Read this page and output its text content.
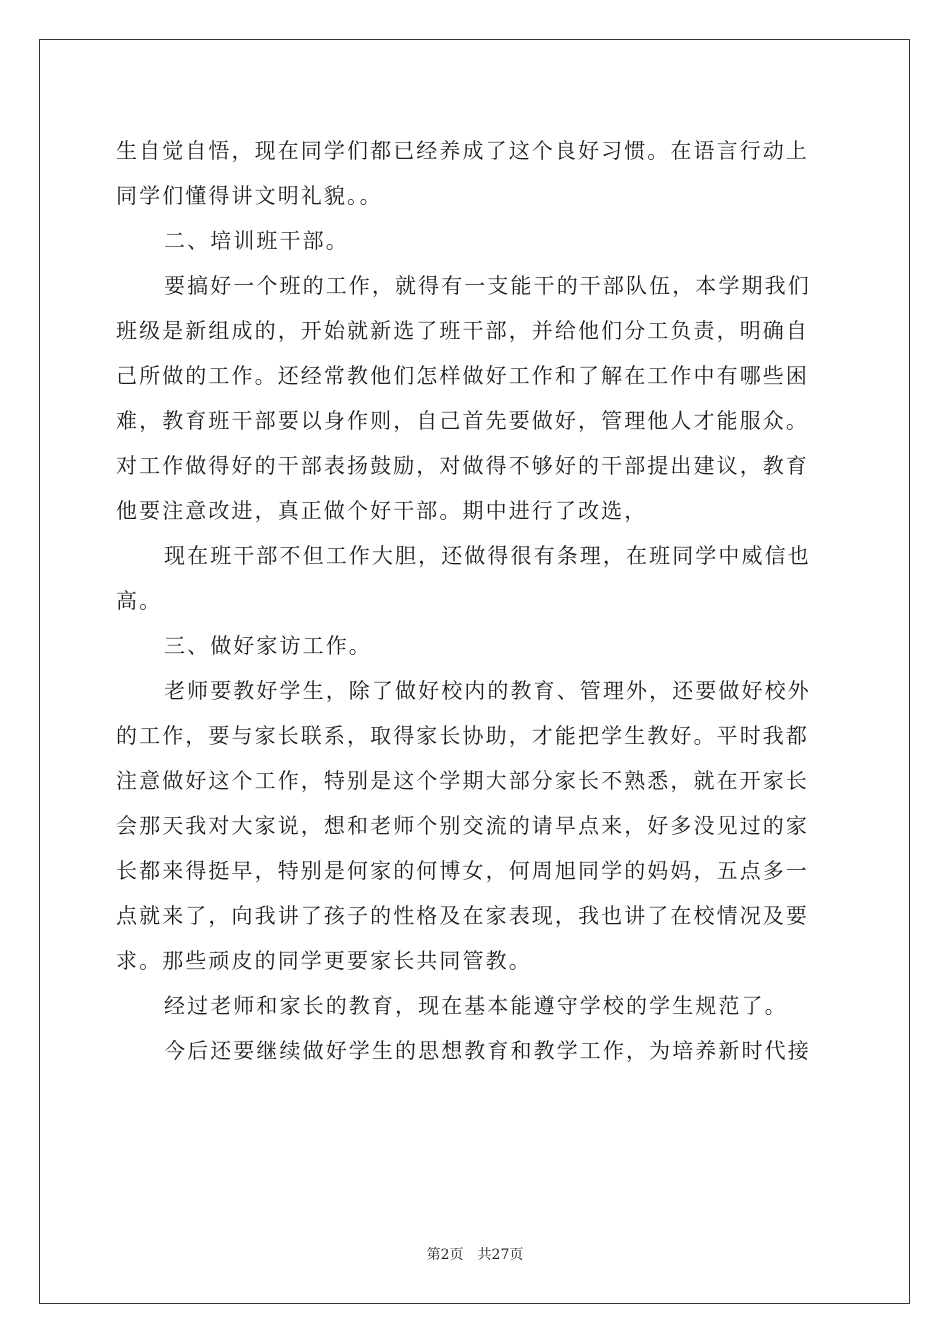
生自觉自悟，现在同学们都已经养成了这个良好习惯。在语言行动上
同学们懂得讲文明礼貌。。
二、培训班干部。
要搞好一个班的工作，就得有一支能干的干部队伍，本学期我们
班级是新组成的，开始就新选了班干部，并给他们分工负责，明确自
己所做的工作。还经常教他们怎样做好工作和了解在工作中有哪些困
难，教育班干部要以身作则，自己首先要做好，管理他人才能服众。
对工作做得好的干部表扬鼓励，对做得不够好的干部提出建议，教育
他要注意改进，真正做个好干部。期中进行了改选，
现在班干部不但工作大胆，还做得很有条理，在班同学中威信也
高。
三、做好家访工作。
老师要教好学生，除了做好校内的教育、管理外，还要做好校外
的工作，要与家长联系，取得家长协助，才能把学生教好。平时我都
注意做好这个工作，特别是这个学期大部分家长不熟悉，就在开家长
会那天我对大家说，想和老师个别交流的请早点来，好多没见过的家
长都来得挺早，特别是何家的何博女，何周旭同学的妈妈，五点多一
点就来了，向我讲了孩子的性格及在家表现，我也讲了在校情况及要
求。那些顽皮的同学更要家长共同管教。
经过老师和家长的教育，现在基本能遵守学校的学生规范了。
今后还要继续做好学生的思想教育和教学工作，为培养新时代接
第2页 共27页
